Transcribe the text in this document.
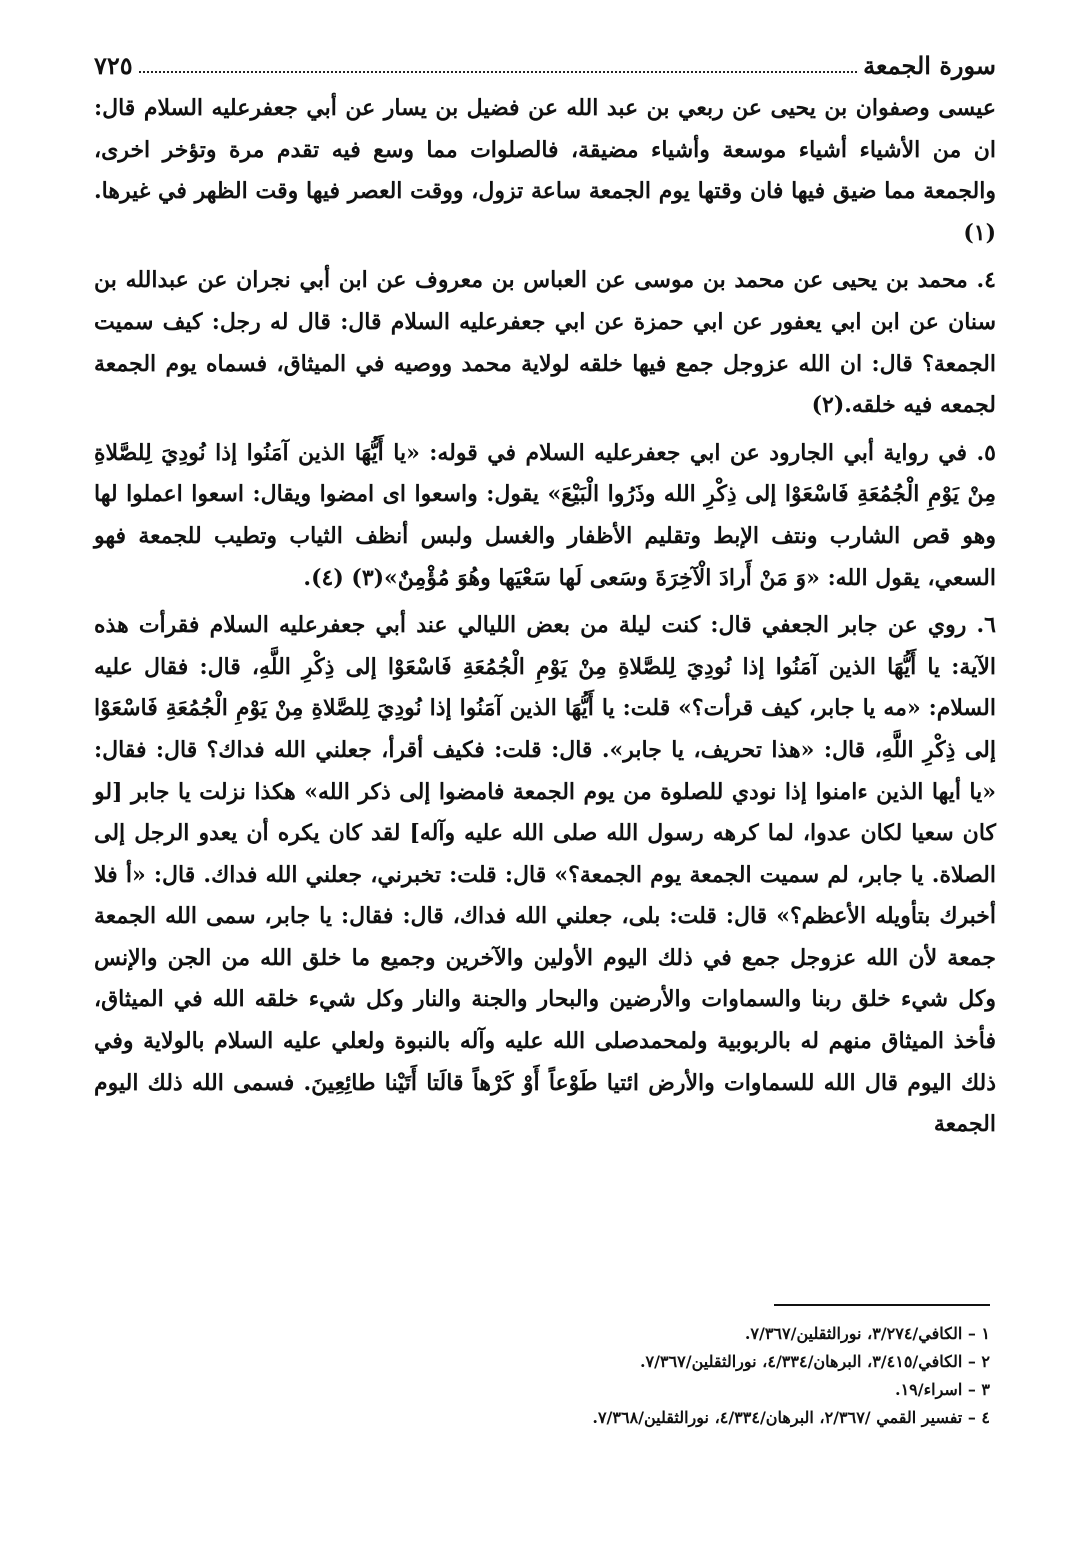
٧٢٥	سورة الجمعة

عيسى وصفوان بن يحيى عن ربعي بن عبد الله عن فضيل بن يسار عن أبي جعفرعليه السلام قال: ان من الأشياء أشياء موسعة وأشياء مضيقة، فالصلوات مما وسع فيه تقدم مرة وتؤخر اخرى، والجمعة مما ضيق فيها فان وقتها يوم الجمعة ساعة تزول، ووقت العصر فيها وقت الظهر في غيرها.(١)

٤. محمد بن يحيى عن محمد بن موسى عن العباس بن معروف عن ابن أبي نجران عن عبدالله بن سنان عن ابن ابي يعفور عن ابي حمزة عن ابي جعفرعليه السلام قال: قال له رجل: كيف سميت الجمعة؟ قال: ان الله عزوجل جمع فيها خلقه لولاية محمد ووصيه في الميثاق، فسماه يوم الجمعة لجمعه فيه خلقه.(٢)

٥. في رواية أبي الجارود عن ابي جعفرعليه السلام في قوله: «يا أَيُّهَا الذين آمَنُوا إذا نُودِيَ لِلصَّلاةِ مِنْ يَوْمِ الْجُمُعَةِ فَاسْعَوْا إلى ذِكْرِ الله وذَرُوا الْبَيْعَ» يقول: واسعوا اى امضوا ويقال: اسعوا اعملوا لها وهو قص الشارب ونتف الإبط وتقليم الأظفار والغسل ولبس أنظف الثياب وتطيب للجمعة فهو السعي، يقول الله: «وَ مَنْ أَرادَ الْآخِرَةَ وسَعى لَها سَعْيَها وهُوَ مُؤْمِنٌ»(٣) (٤).

٦. روي عن جابر الجعفي قال: كنت ليلة من بعض الليالي عند أبي جعفرعليه السلام فقرأت هذه الآية: يا أَيُّهَا الذين آمَنُوا إذا نُودِيَ لِلصَّلاةِ مِنْ يَوْمِ الْجُمُعَةِ فَاسْعَوْا إلى ذِكْرِ اللَّهِ، قال: فقال عليه السلام: «مه يا جابر، كيف قرأت؟» قلت: يا أَيُّهَا الذين آمَنُوا إذا نُودِيَ لِلصَّلاةِ مِنْ يَوْمِ الْجُمُعَةِ فَاسْعَوْا إلى ذِكْرِ اللَّهِ، قال: «هذا تحريف، يا جابر». قال: قلت: فكيف أقرأ، جعلني الله فداك؟ قال: فقال: «يا أيها الذين ءامنوا إذا نودي للصلوة من يوم الجمعة فامضوا إلى ذكر الله» هكذا نزلت يا جابر [لو كان سعيا لكان عدوا، لما كرهه رسول الله صلى الله عليه وآله] لقد كان يكره أن يعدو الرجل إلى الصلاة. يا جابر، لم سميت الجمعة يوم الجمعة؟» قال: قلت: تخبرني، جعلني الله فداك. قال: «أ فلا أخبرك بتأويله الأعظم؟» قال: قلت: بلى، جعلني الله فداك، قال: فقال: يا جابر، سمى الله الجمعة جمعة لأن الله عزوجل جمع في ذلك اليوم الأولين والآخرين وجميع ما خلق الله من الجن والإنس وكل شيء خلق ربنا والسماوات والأرضين والبحار والجنة والنار وكل شيء خلقه الله في الميثاق، فأخذ الميثاق منهم له بالربوبية ولمحمدصلى الله عليه وآله بالنبوة ولعلي عليه السلام بالولاية وفي ذلك اليوم قال الله للسماوات والأرض ائتيا طَوْعاً أَوْ كَرْهاً قالَتا أَتَيْنا طائِعِينَ. فسمى الله ذلك اليوم الجمعة

١ – الكافي/٣/٢٧٤، نورالثقلين/٧/٣٦٧.
٢ – الكافي/٣/٤١٥، البرهان/٤/٣٣٤، نورالثقلين/٧/٣٦٧.
٣ – اسراء/١٩.
٤ – تفسير القمي /٢/٣٦٧، البرهان/٤/٣٣٤، نورالثقلين/٧/٣٦٨.
